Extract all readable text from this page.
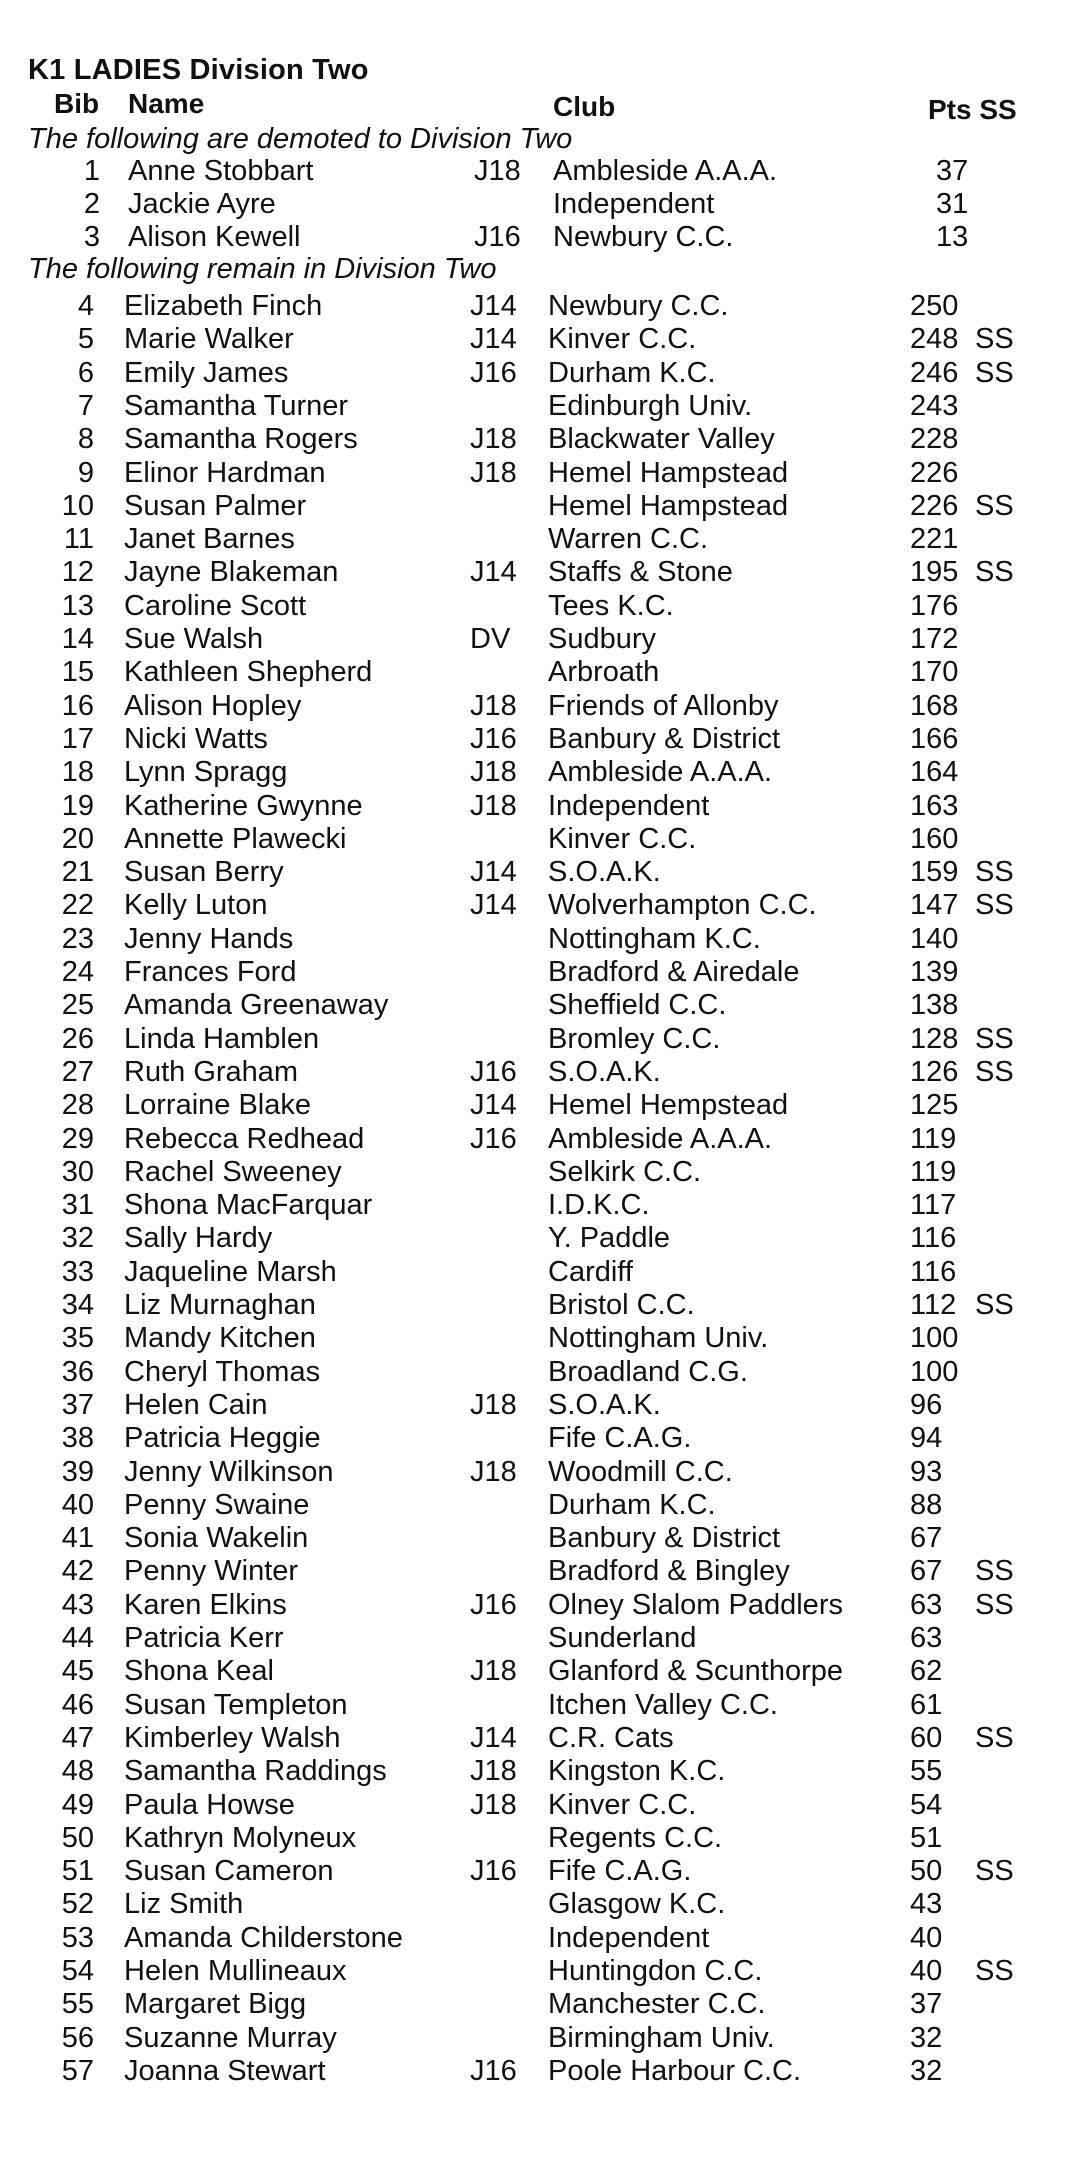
K1 LADIES Division Two
Bib Name	Club	Pts SS
The following are demoted to Division Two
1 Anne Stobbart	J18 Ambleside A.A.A.	37
2 Jackie Ayre	Independent	31
3 Alison Kewell	J16 Newbury C.C.	13
The following remain in Division Two
4 Elizabeth Finch	J14 Newbury C.C.	250
5 Marie Walker	J14 Kinver C.C.	248 SS
6 Emily James	J16 Durham K.C.	246 SS
7 Samantha Turner	Edinburgh Univ.	243
8 Samantha Rogers	J18 Blackwater Valley	228
9 Elinor Hardman	J18 Hemel Hampstead	226
10 Susan Palmer	Hemel Hampstead	226 SS
11 Janet Barnes	Warren C.C.	221
12 Jayne Blakeman	J14 Staffs & Stone	195 SS
13 Caroline Scott	Tees K.C.	176
14 Sue Walsh	DV Sudbury	172
15 Kathleen Shepherd	Arbroath	170
16 Alison Hopley	J18 Friends of Allonby	168
17 Nicki Watts	J16 Banbury & District	166
18 Lynn Spragg	J18 Ambleside A.A.A.	164
19 Katherine Gwynne	J18 Independent	163
20 Annette Plawecki	Kinver C.C.	160
21 Susan Berry	J14 S.O.A.K.	159 SS
22 Kelly Luton	J14 Wolverhampton C.C.	147 SS
23 Jenny Hands	Nottingham K.C.	140
24 Frances Ford	Bradford & Airedale	139
25 Amanda Greenaway	Sheffield C.C.	138
26 Linda Hamblen	Bromley C.C.	128 SS
27 Ruth Graham	J16 S.O.A.K.	126 SS
28 Lorraine Blake	J14 Hemel Hempstead	125
29 Rebecca Redhead	J16 Ambleside A.A.A.	119
30 Rachel Sweeney	Selkirk C.C.	119
31 Shona MacFarquar	I.D.K.C.	117
32 Sally Hardy	Y. Paddle	116
33 Jaqueline Marsh	Cardiff	116
34 Liz Murnaghan	Bristol C.C.	112 SS
35 Mandy Kitchen	Nottingham Univ.	100
36 Cheryl Thomas	Broadland C.G.	100
37 Helen Cain	J18 S.O.A.K.	96
38 Patricia Heggie	Fife C.A.G.	94
39 Jenny Wilkinson	J18 Woodmill C.C.	93
40 Penny Swaine	Durham K.C.	88
41 Sonia Wakelin	Banbury & District	67
42 Penny Winter	Bradford & Bingley	67 SS
43 Karen Elkins	J16 Olney Slalom Paddlers 63 SS
44 Patricia Kerr	Sunderland	63
45 Shona Keal	J18 Glanford & Scunthorpe 62
46 Susan Templeton	Itchen Valley C.C.	61
47 Kimberley Walsh	J14 C.R. Cats	60 SS
48 Samantha Raddings	J18 Kingston K.C.	55
49 Paula Howse	J18 Kinver C.C.	54
50 Kathryn Molyneux	Regents C.C.	51
51 Susan Cameron	J16 Fife C.A.G.	50 SS
52 Liz Smith	Glasgow K.C.	43
53 Amanda Childerstone	Independent	40
54 Helen Mullineaux	Huntingdon C.C.	40 SS
55 Margaret Bigg	Manchester C.C.	37
56 Suzanne Murray	Birmingham Univ.	32
57 Joanna Stewart	J16 Poole Harbour C.C.	32
